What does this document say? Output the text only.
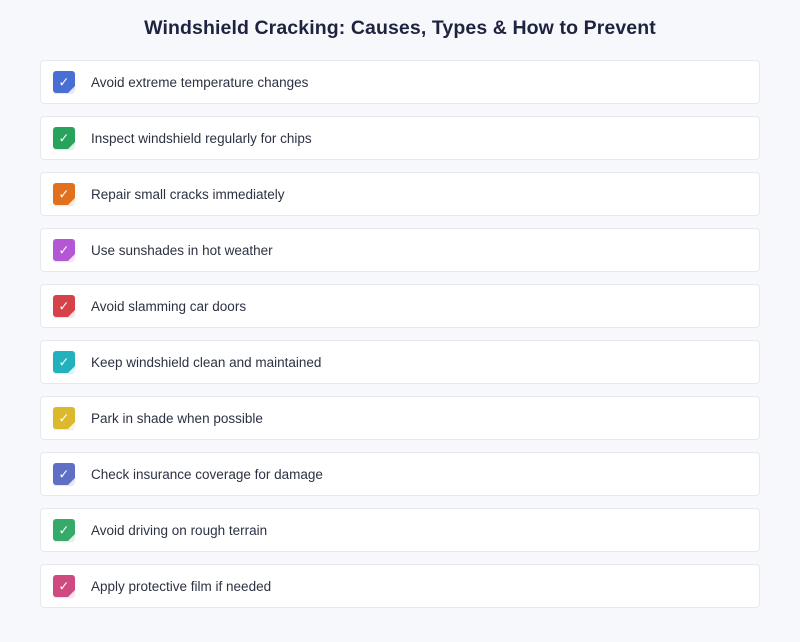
Windshield Cracking: Causes, Types & How to Prevent
✓ Avoid extreme temperature changes
✓ Inspect windshield regularly for chips
✓ Repair small cracks immediately
✓ Use sunshades in hot weather
✓ Avoid slamming car doors
✓ Keep windshield clean and maintained
✓ Park in shade when possible
✓ Check insurance coverage for damage
✓ Avoid driving on rough terrain
✓ Apply protective film if needed
